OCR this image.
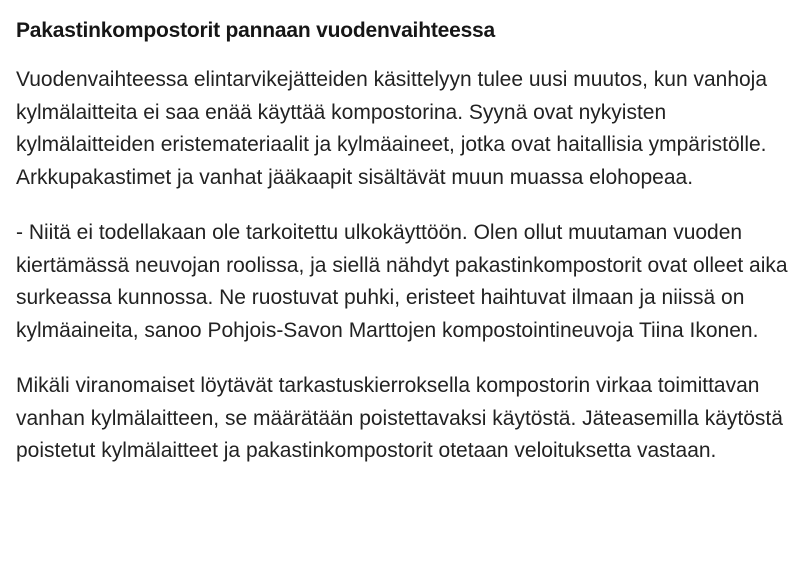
Pakastinkompostorit pannaan vuodenvaihteessa

Vuodenvaihteessa elintarvikejätteiden käsittelyyn tulee uusi muutos, kun vanhoja kylmälaitteita ei saa enää käyttää kompostorina. Syynä ovat nykyisten kylmälaitteiden eristemateriaalit ja kylmäaineet, jotka ovat haitallisia ympäristölle. Arkkupakastimet ja vanhat jääkaapit sisältävät muun muassa elohopeaa.

- Niitä ei todellakaan ole tarkoitettu ulkokäyttöön. Olen ollut muutaman vuoden kiertämässä neuvojan roolissa, ja siellä nähdyt pakastinkompostorit ovat olleet aika surkeassa kunnossa. Ne ruostuvat puhki, eristeet haihtuvat ilmaan ja niissä on kylmäaineita, sanoo Pohjois-Savon Marttojen kompostointineuvoja Tiina Ikonen.

Mikäli viranomaiset löytävät tarkastuskierroksella kompostorin virkaa toimittavan vanhan kylmälaitteen, se määrätään poistettavaksi käytöstä. Jäteasemilla käytöstä poistetut kylmälaitteet ja pakastinkompostorit otetaan veloituksetta vastaan.
